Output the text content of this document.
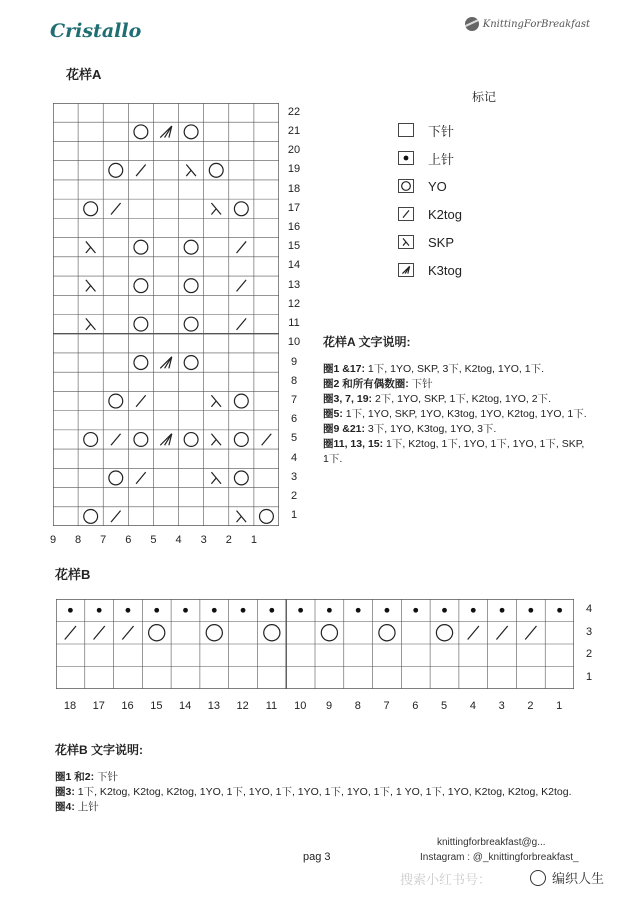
Cristallo	KnittingForBreakfast
花样A
22
21
20
19
18
17
16
15
14
13
12
11
10
9
8
7
6
5
4
3
2
1
9	8	7	6	5	4	3	2	1
标记
下针
上针
YO
K2tog
SKP
K3tog
花样A 文字说明:
圈1 &17: 1下, 1YO, SKP, 3下, K2tog, 1YO, 1下.
圈2 和所有偶数圈: 下针
圈3, 7, 19: 2下, 1YO, SKP, 1下, K2tog, 1YO, 2下.
圈5: 1下, 1YO, SKP, 1YO, K3tog, 1YO, K2tog, 1YO, 1下.
圈9 &21: 3下, 1YO, K3tog, 1YO, 3下.
圈11, 13, 15: 1下, K2tog, 1下, 1YO, 1下, 1YO, 1下, SKP,
1下.
花样B
4
3
2
1
18	17	16	15	14	13	12	11	10	9	8	7	6	5	4	3	2	1
花样B 文字说明:
圈1 和2: 下针
圈3: 1下, K2tog, K2tog, K2tog, 1YO, 1下, 1YO, 1下, 1YO, 1下, 1YO, 1下, 1 YO, 1下, 1YO, K2tog, K2tog, K2tog.
圈4: 上针
knittingforbreakfast@g...
Instagram : @_knittingforbreakfast_
pag 3
搜索小红书号：	编织人生
